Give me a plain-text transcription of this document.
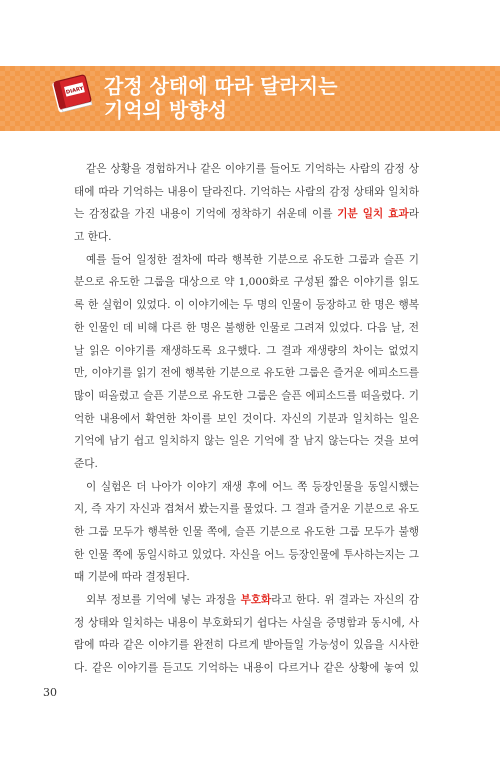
DIARY 감정 상태에 따라 달라지는
기억의 방향성
같은 상황을 경험하거나 같은 이야기를 들어도 기억하는 사람의 감정 상
태에 따라 기억하는 내용이 달라진다. 기억하는 사람의 감정 상태와 일치하
는 감정값을 가진 내용이 기억에 정착하기 쉬운데 이를 기분 일치 효과라
고 한다.
예를 들어 일정한 절차에 따라 행복한 기분으로 유도한 그룹과 슬픈 기
분으로 유도한 그룹을 대상으로 약 1,000화로 구성된 짧은 이야기를 읽도
록 한 실험이 있었다. 이 이야기에는 두 명의 인물이 등장하고 한 명은 행복
한 인물인 데 비해 다른 한 명은 불행한 인물로 그려져 있었다. 다음 날, 전
날 읽은 이야기를 재생하도록 요구했다. 그 결과 재생량의 차이는 없었지
만, 이야기를 읽기 전에 행복한 기분으로 유도한 그룹은 즐거운 에피소드를
많이 떠올렸고 슬픈 기분으로 유도한 그룹은 슬픈 에피소드를 떠올렸다. 기
억한 내용에서 확연한 차이를 보인 것이다. 자신의 기분과 일치하는 일은
기억에 남기 쉽고 일치하지 않는 일은 기억에 잘 남지 않는다는 것을 보여
준다.
이 실험은 더 나아가 이야기 재생 후에 어느 쪽 등장인물을 동일시했는
지, 즉 자기 자신과 겹쳐서 봤는지를 물었다. 그 결과 즐거운 기분으로 유도
한 그룹 모두가 행복한 인물 쪽에, 슬픈 기분으로 유도한 그룹 모두가 불행
한 인물 쪽에 동일시하고 있었다. 자신을 어느 등장인물에 투사하는지는 그
때 기분에 따라 결정된다.
외부 정보를 기억에 넣는 과정을 부호화라고 한다. 위 결과는 자신의 감
정 상태와 일치하는 내용이 부호화되기 쉽다는 사실을 증명함과 동시에, 사
람에 따라 같은 이야기를 완전히 다르게 받아들일 가능성이 있음을 시사한
다. 같은 이야기를 듣고도 기억하는 내용이 다르거나 같은 상황에 놓여 있
30
